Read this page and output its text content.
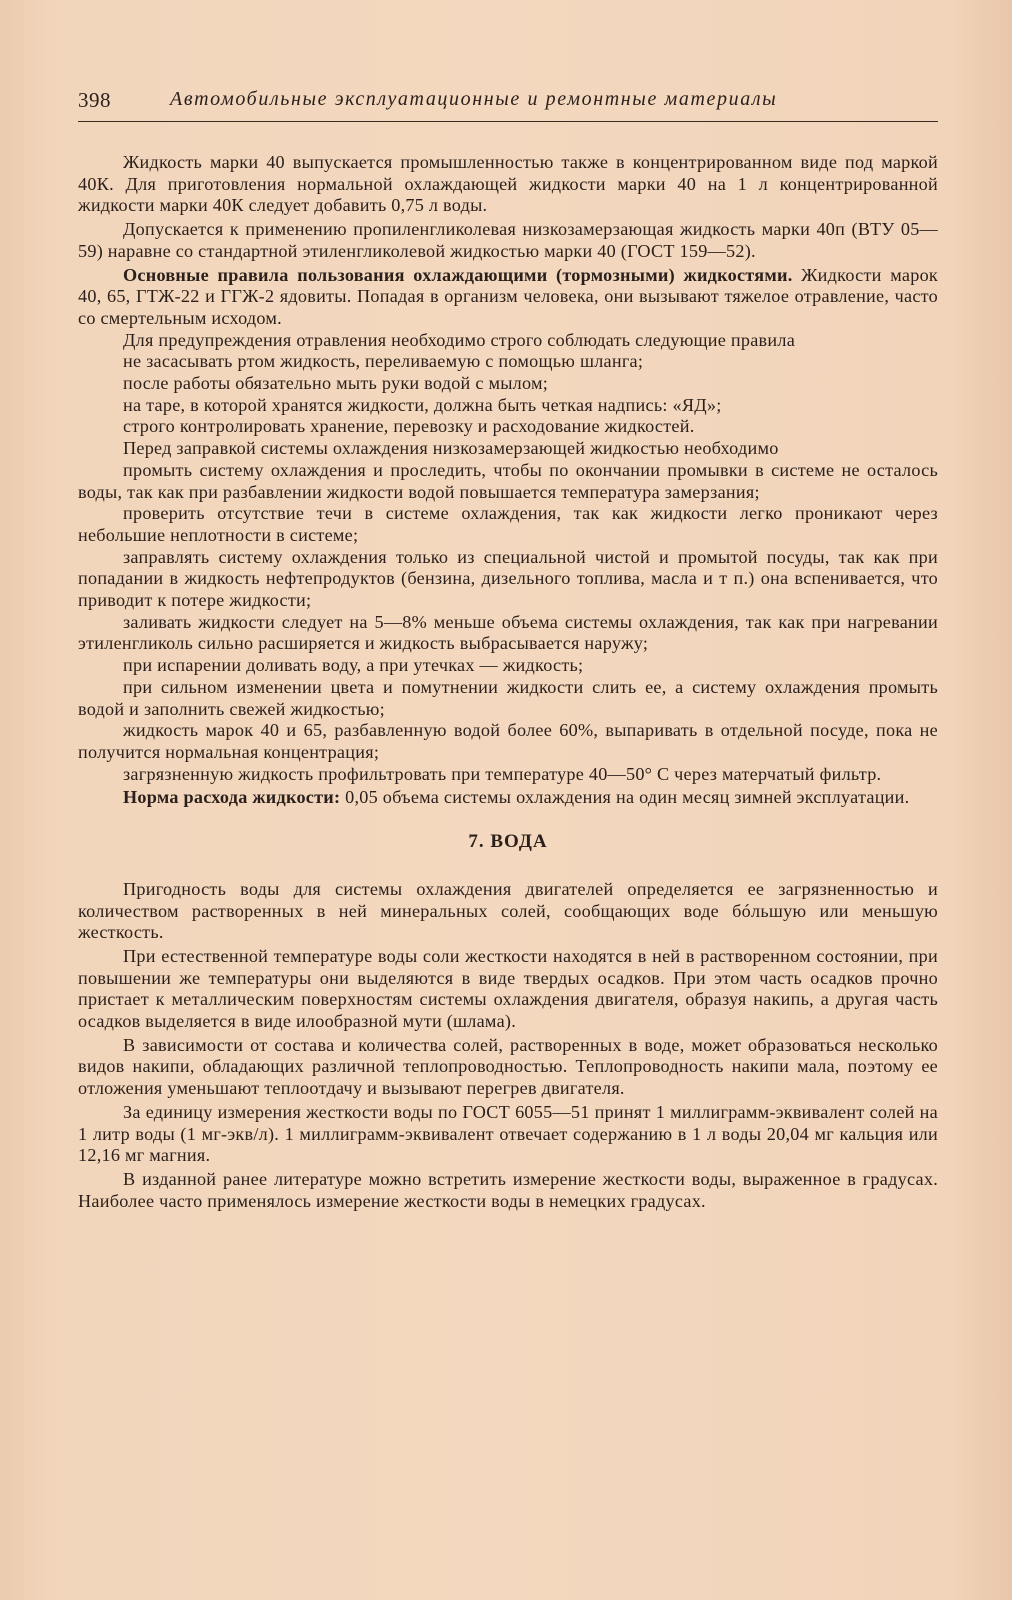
398	Автомобильные эксплуатационные и ремонтные материалы

Жидкость марки 40 выпускается промышленностью также в концентрированном виде под маркой 40К. Для приготовления нормальной охлаждающей жидкости марки 40 на 1 л концентрированной жидкости марки 40К следует добавить 0,75 л воды.

Допускается к применению пропиленгликолевая низкозамерзающая жидкость марки 40п (ВТУ 05—59) наравне со стандартной этиленгликолевой жидкостью марки 40 (ГОСТ 159—52).

Основные правила пользования охлаждающими (тормозными) жидкостями. Жидкости марок 40, 65, ГТЖ-22 и ГГЖ-2 ядовиты. Попадая в организм человека, они вызывают тяжелое отравление, часто со смертельным исходом.

Для предупреждения отравления необходимо строго соблюдать следующие правила

не засасывать ртом жидкость, переливаемую с помощью шланга;

после работы обязательно мыть руки водой с мылом;

на таре, в которой хранятся жидкости, должна быть четкая надпись: «ЯД»;

строго контролировать хранение, перевозку и расходование жидкостей.

Перед заправкой системы охлаждения низкозамерзающей жидкостью необходимо

промыть систему охлаждения и проследить, чтобы по окончании промывки в системе не осталось воды, так как при разбавлении жидкости водой повышается температура замерзания;

проверить отсутствие течи в системе охлаждения, так как жидкости легко проникают через небольшие неплотности в системе;

заправлять систему охлаждения только из специальной чистой и промытой посуды, так как при попадании в жидкость нефтепродуктов (бензина, дизельного топлива, масла и т п.) она вспенивается, что приводит к потере жидкости;

заливать жидкости следует на 5—8% меньше объема системы охлаждения, так как при нагревании этиленгликоль сильно расширяется и жидкость выбрасывается наружу;

при испарении доливать воду, а при утечках — жидкость;

при сильном изменении цвета и помутнении жидкости слить ее, а систему охлаждения промыть водой и заполнить свежей жидкостью;

жидкость марок 40 и 65, разбавленную водой более 60%, выпаривать в отдельной посуде, пока не получится нормальная концентрация;

загрязненную жидкость профильтровать при температуре 40—50° С через матерчатый фильтр.

Норма расхода жидкости: 0,05 объема системы охлаждения на один месяц зимней эксплуатации.

7. ВОДА

Пригодность воды для системы охлаждения двигателей определяется ее загрязненностью и количеством растворенных в ней минеральных солей, сообщающих воде бóльшую или меньшую жесткость.

При естественной температуре воды соли жесткости находятся в ней в растворенном состоянии, при повышении же температуры они выделяются в виде твердых осадков. При этом часть осадков прочно пристает к металлическим поверхностям системы охлаждения двигателя, образуя накипь, а другая часть осадков выделяется в виде илообразной мути (шлама).

В зависимости от состава и количества солей, растворенных в воде, может образоваться несколько видов накипи, обладающих различной теплопроводностью. Теплопроводность накипи мала, поэтому ее отложения уменьшают теплоотдачу и вызывают перегрев двигателя.

За единицу измерения жесткости воды по ГОСТ 6055—51 принят 1 миллиграмм-эквивалент солей на 1 литр воды (1 мг-экв/л). 1 миллиграмм-эквивалент отвечает содержанию в 1 л воды 20,04 мг кальция или 12,16 мг магния.

В изданной ранее литературе можно встретить измерение жесткости воды, выраженное в градусах. Наиболее часто применялось измерение жесткости воды в немецких градусах.
